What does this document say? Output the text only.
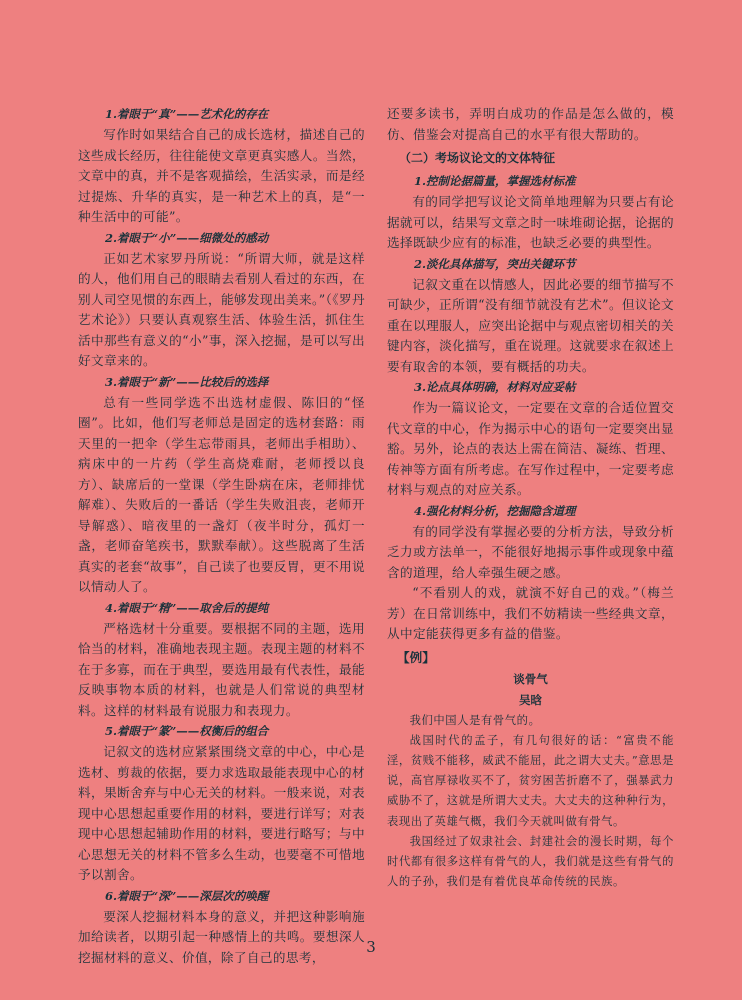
1.着眼于“真”——艺术化的存在
写作时如果结合自己的成长选材，描述自己的这些成长经历，往往能使文章更真实感人。当然，文章中的真，并不是客观描绘，生活实录，而是经过提炼、升华的真实，是一种艺术上的真，是“一种生活中的可能”。
2.着眼于“小”——细微处的感动
正如艺术家罗丹所说：“所谓大师，就是这样的人，他们用自己的眼睛去看别人看过的东西，在别人司空见惯的东西上，能够发现出美来。”（《罗丹艺术论》）只要认真观察生活、体验生活，抓住生活中那些有意义的“小”事，深入挖掘，是可以写出好文章来的。
3.着眼于“新”——比较后的选择
总有一些同学选不出选材虚假、陈旧的“怪圈”。比如，他们写老师总是固定的选材套路：雨天里的一把伞（学生忘带雨具，老师出手相助）、病床中的一片药（学生高烧难耐，老师授以良方）、缺席后的一堂课（学生卧病在床，老师排忧解难）、失败后的一番话（学生失败沮丧，老师开导解惑）、暗夜里的一盏灯（夜半时分，孤灯一盏，老师奋笔疾书，默默奉献）。这些脱离了生活真实的老套“故事”，自己读了也要反胃，更不用说以情动人了。
4.着眼于“精”——取舍后的提纯
严格选材十分重要。要根据不同的主题，选用恰当的材料，准确地表现主题。表现主题的材料不在于多寡，而在于典型，要选用最有代表性，最能反映事物本质的材料，也就是人们常说的典型材料。这样的材料最有说服力和表现力。
5.着眼于“篆”——权衡后的组合
记叙文的选材应紧紧围绕文章的中心，中心是选材、剪裁的依据，要力求选取最能表现中心的材料，果断舍弃与中心无关的材料。一般来说，对表现中心思想起重要作用的材料，要进行详写；对表现中心思想起辅助作用的材料，要进行略写；与中心思想无关的材料不管多么生动，也要毫不可惜地予以割舍。
6.着眼于“深”——深层次的唤醒
要深人挖掘材料本身的意义，并把这种影响施加给读者，以期引起一种感情上的共鸣。要想深人挖掘材料的意义、价值，除了自己的思考，
还要多读书，弄明白成功的作品是怎么做的，模仿、借鉴会对提高自己的水平有很大帮助的。
（二）考场议论文的文体特征
1.控制论据篇量，掌握选材标准
有的同学把写议论文简单地理解为只要占有论据就可以，结果写文章之时一味堆砌论据，论据的选择既缺少应有的标准，也缺乏必要的典型性。
2.淡化具体描写，突出关键环节
记叙文重在以情感人，因此必要的细节描写不可缺少，正所谓“没有细节就没有艺术”。但议论文重在以理服人，应突出论据中与观点密切相关的关键内容，淡化描写，重在说理。这就要求在叙述上要有取舍的本领，要有概括的功夫。
3.论点具体明确，材料对应妥帖
作为一篇议论文，一定要在文章的合适位置交代文章的中心，作为揭示中心的语句一定要突出显豁。另外，论点的表达上需在简洁、凝练、哲理、传神等方面有所考虑。在写作过程中，一定要考虑材料与观点的对应关系。
4.强化材料分析，挖掘隐含道理
有的同学没有掌握必要的分析方法，导致分析乏力或方法单一，不能很好地揭示事件或现象中蕴含的道理，给人牵强生硬之感。
“不看别人的戏，就演不好自己的戏。”（梅兰芳）在日常训练中，我们不妨精读一些经典文章，从中定能获得更多有益的借鉴。
【例】
谈骨气
吴晗
我们中国人是有骨气的。
战国时代的孟子，有几句很好的话：“富贵不能淫，贫贱不能移，威武不能屈，此之谓大丈夫。”意思是说，高官厚禄收买不了，贫穷困苦折磨不了，强暴武力威胁不了，这就是所谓大丈夫。大丈夫的这种种行为，表现出了英雄气概，我们今天就叫做有骨气。
我国经过了奴隶社会、封建社会的漫长时期，每个时代都有很多这样有骨气的人，我们就是这些有骨气的人的子孙，我们是有着优良革命传统的民族。
3
